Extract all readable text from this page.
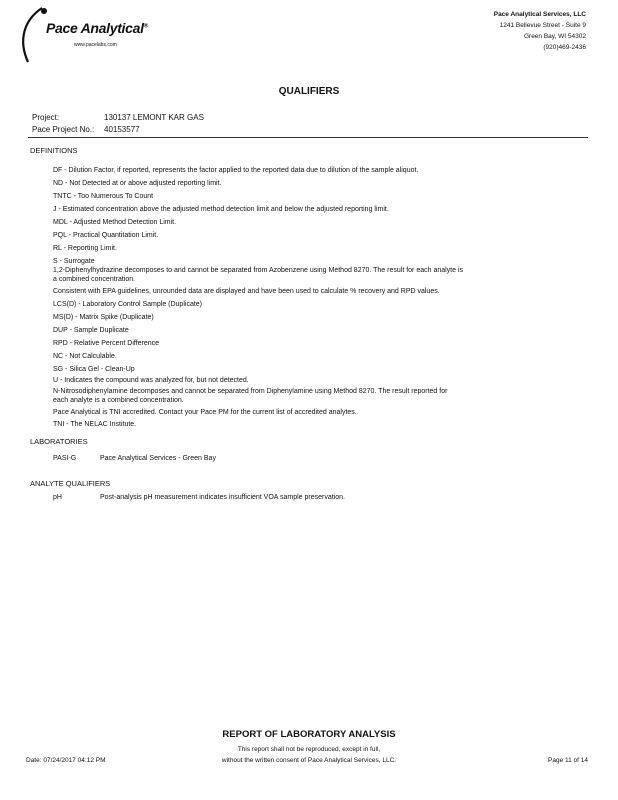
Pace Analytical®
www.pacelabs.com
Pace Analytical Services, LLC
1241 Bellevue Street - Suite 9
Green Bay, WI 54302
(920)469-2436
QUALIFIERS
Project:	130137 LEMONT KAR GAS
Pace Project No.: 40153577
DEFINITIONS
DF - Dilution Factor, if reported, represents the factor applied to the reported data due to dilution of the sample aliquot.
ND - Not Detected at or above adjusted reporting limit.
TNTC - Too Numerous To Count
J - Estimated concentration above the adjusted method detection limit and below the adjusted reporting limit.
MDL - Adjusted Method Detection Limit.
PQL - Practical Quantitation Limit.
RL - Reporting Limit.
S - Surrogate
1,2-Diphenylhydrazine decomposes to and cannot be separated from Azobenzene using Method 8270. The result for each analyte is
a combined concentration.
Consistent with EPA guidelines, unrounded data are displayed and have been used to calculate % recovery and RPD values.
LCS(D) - Laboratory Control Sample (Duplicate)
MS(D) - Matrix Spike (Duplicate)
DUP - Sample Duplicate
RPD - Relative Percent Difference
NC - Not Calculable.
SG - Silica Gel - Clean-Up
U - Indicates the compound was analyzed for, but not detected.
N-Nitrosodiphenylamine decomposes and cannot be separated from Diphenylamine using Method 8270. The result reported for
each analyte is a combined concentration.
Pace Analytical is TNI accredited. Contact your Pace PM for the current list of accredited analytes.
TNI - The NELAC Institute.
LABORATORIES
PASI-G	Pace Analytical Services - Green Bay
ANALYTE QUALIFIERS
pH	Post-analysis pH measurement indicates insufficient VOA sample preservation.
REPORT OF LABORATORY ANALYSIS
This report shall not be reproduced, except in full,
without the written consent of Pace Analytical Services, LLC.
Date: 07/24/2017 04:12 PM	Page 11 of 14
